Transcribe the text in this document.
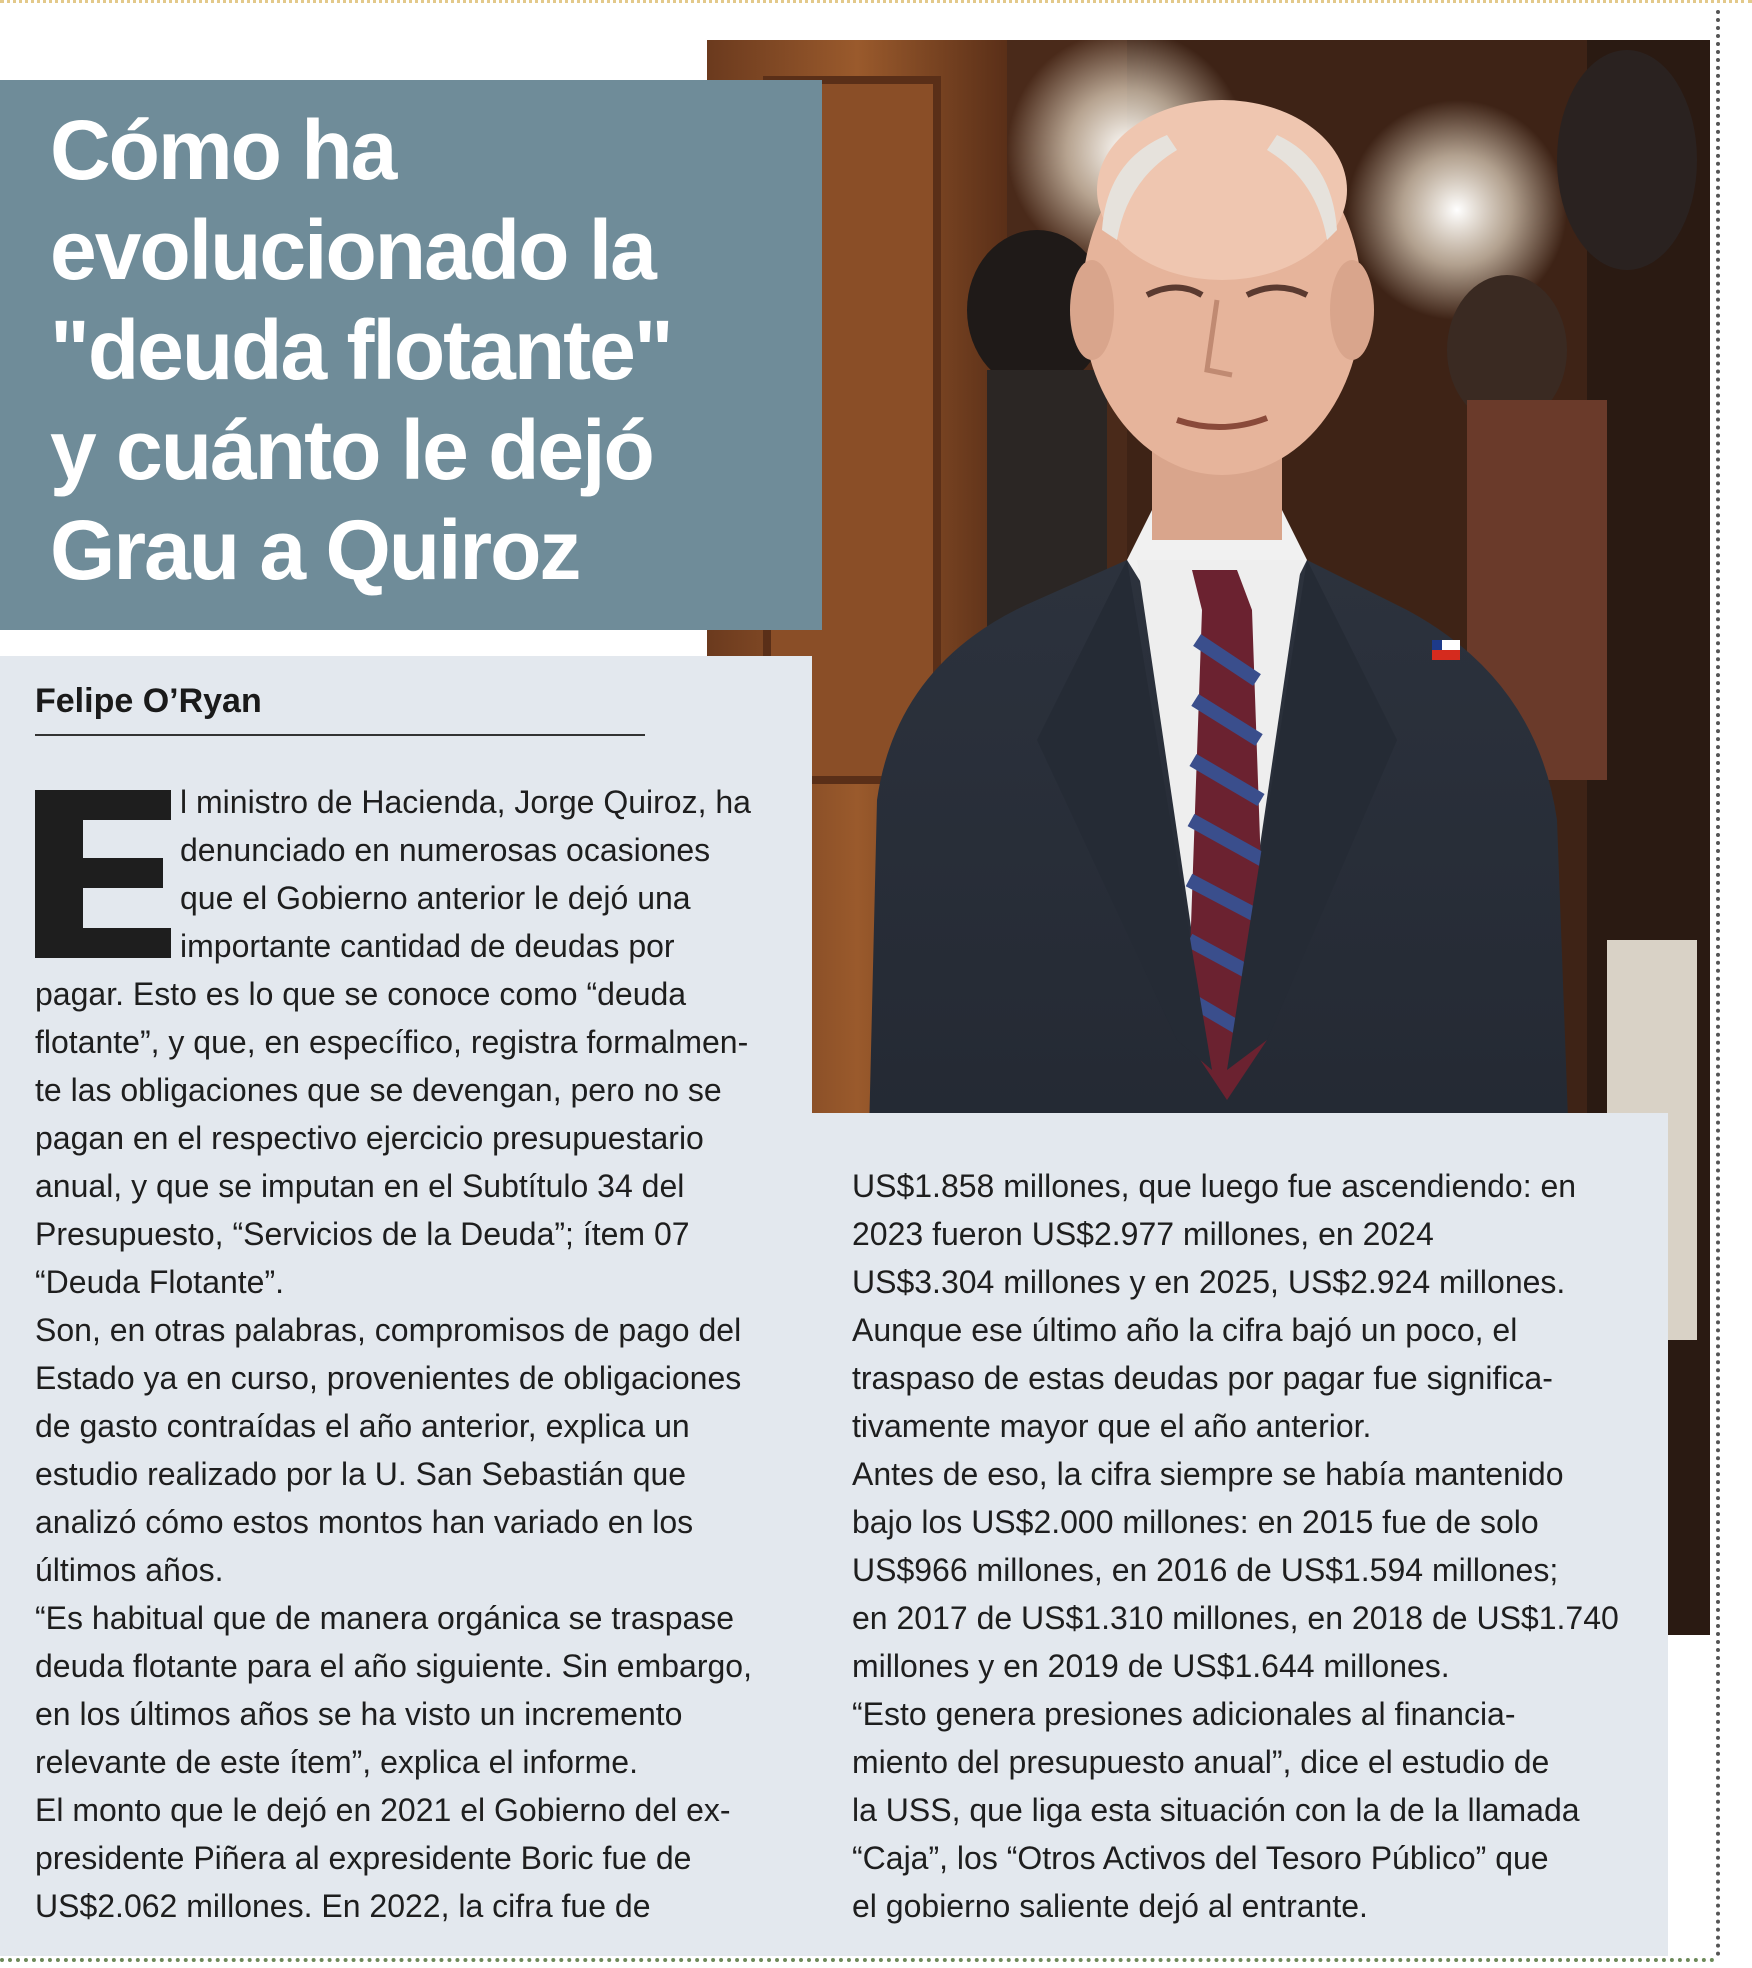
Cómo ha
evolucionado la
"deuda flotante"
y cuánto le dejó
Grau a Quiroz
Felipe O’Ryan

l ministro de Hacienda, Jorge Quiroz, ha

denunciado en numerosas ocasiones

que el Gobierno anterior le dejó una

importante cantidad de deudas por

pagar. Esto es lo que se conoce como “deuda

flotante”, y que, en específico, registra formalmen-

te las obligaciones que se devengan, pero no se

pagan en el respectivo ejercicio presupuestario

anual, y que se imputan en el Subtítulo 34 del

Presupuesto, “Servicios de la Deuda”; ítem 07

“Deuda Flotante”.

Son, en otras palabras, compromisos de pago del

Estado ya en curso, provenientes de obligaciones

de gasto contraídas el año anterior, explica un

estudio realizado por la U. San Sebastián que

analizó cómo estos montos han variado en los

últimos años.

“Es habitual que de manera orgánica se traspase

deuda flotante para el año siguiente. Sin embargo,

en los últimos años se ha visto un incremento

relevante de este ítem”, explica el informe.

El monto que le dejó en 2021 el Gobierno del ex-

presidente Piñera al expresidente Boric fue de

US$2.062 millones. En 2022, la cifra fue de

US$1.858 millones, que luego fue ascendiendo: en

2023 fueron US$2.977 millones, en 2024

US$3.304 millones y en 2025, US$2.924 millones.

Aunque ese último año la cifra bajó un poco, el

traspaso de estas deudas por pagar fue significa-

tivamente mayor que el año anterior.

Antes de eso, la cifra siempre se había mantenido

bajo los US$2.000 millones: en 2015 fue de solo

US$966 millones, en 2016 de US$1.594 millones;

en 2017 de US$1.310 millones, en 2018 de US$1.740

millones y en 2019 de US$1.644 millones.

“Esto genera presiones adicionales al financia-

miento del presupuesto anual”, dice el estudio de

la USS, que liga esta situación con la de la llamada

“Caja”, los “Otros Activos del Tesoro Público” que

el gobierno saliente dejó al entrante.
